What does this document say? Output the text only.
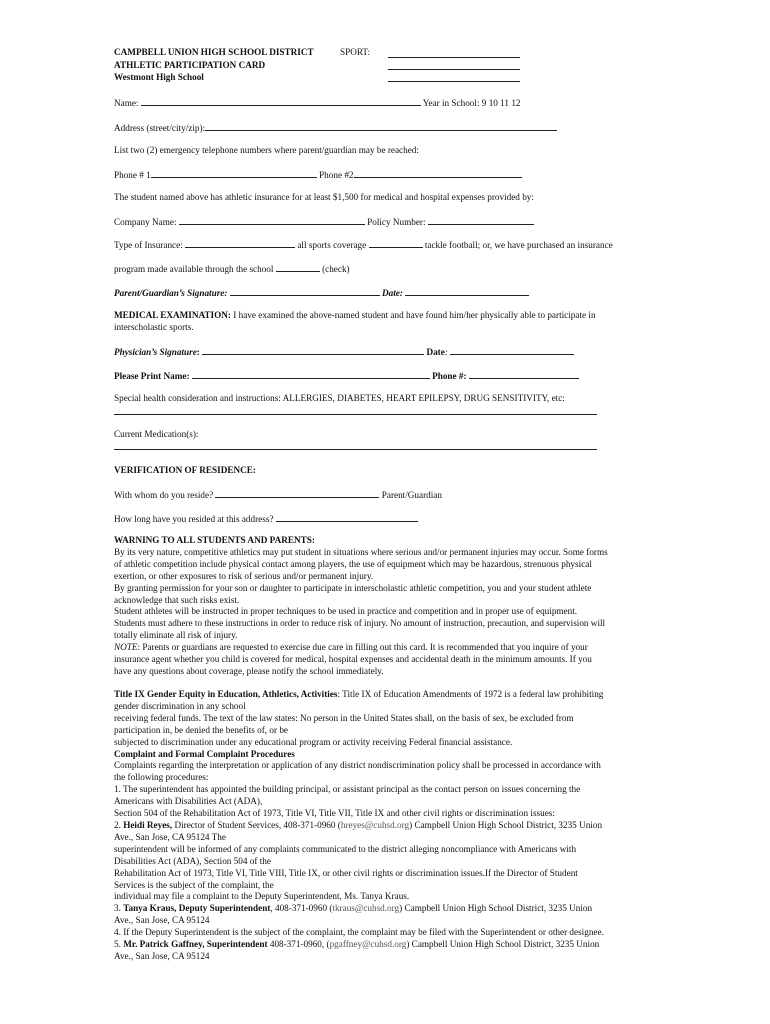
CAMPBELL UNION HIGH SCHOOL DISTRICT	SPORT:
ATHLETIC PARTICIPATION CARD
Westmont High School
Name:	Year in School: 9 10 11 12
Address (street/city/zip):
List two (2) emergency telephone numbers where parent/guardian may be reached:
Phone # 1	Phone #2
The student named above has athletic insurance for at least $1,500 for medical and hospital expenses provided by:
Company Name:	Policy Number:
Type of Insurance:	all sports coverage	tackle football; or, we have purchased an insurance
program made available through the school	(check)
Parent/Guardian’s Signature:	Date:
MEDICAL EXAMINATION: I have examined the above-named student and have found him/her physically able to participate in
interscholastic sports.
Physician’s Signature:	Date:
Please Print Name:	Phone #:
Special health consideration and instructions: ALLERGIES, DIABETES, HEART EPILEPSY, DRUG SENSITIVITY, etc:
Current Medication(s):
VERIFICATION OF RESIDENCE:
With whom do you reside?	Parent/Guardian
How long have you resided at this address?
WARNING TO ALL STUDENTS AND PARENTS:
By its very nature, competitive athletics may put student in situations where serious and/or permanent injuries may occur. Some forms
of athletic competition include physical contact among players, the use of equipment which may be hazardous, strenuous physical
exertion, or other exposures to risk of serious and/or permanent injury.
By granting permission for your son or daughter to participate in interscholastic athletic competition, you and your student athlete
acknowledge that such risks exist.
Student athletes will be instructed in proper techniques to be used in practice and competition and in proper use of equipment.
Students must adhere to these instructions in order to reduce risk of injury. No amount of instruction, precaution, and supervision will
totally eliminate all risk of injury.
NOTE: Parents or guardians are requested to exercise due care in filling out this card. It is recommended that you inquire of your
insurance agent whether you child is covered for medical, hospital expenses and accidental death in the minimum amounts. If you
have any questions about coverage, please notify the school immediately.
Title IX Gender Equity in Education, Athletics, Activities: Title IX of Education Amendments of 1972 is a federal law prohibiting
gender discrimination in any school
receiving federal funds. The text of the law states: No person in the United States shall, on the basis of sex, be excluded from
participation in, be denied the benefits of, or be
subjected to discrimination under any educational program or activity receiving Federal financial assistance.
Complaint and Formal Complaint Procedures
Complaints regarding the interpretation or application of any district nondiscrimination policy shall be processed in accordance with
the following procedures:
1. The superintendent has appointed the building principal, or assistant principal as the contact person on issues concerning the
Americans with Disabilities Act (ADA),
Section 504 of the Rehabilitation Act of 1973, Title VI, Title VII, Title IX and other civil rights or discrimination issues:
2. Heidi Reyes, Director of Student Services, 408-371-0960 (hreyes@cuhsd.org) Campbell Union High School District, 3235 Union
Ave., San Jose, CA 95124 The
superintendent will be informed of any complaints communicated to the district alleging noncompliance with Americans with
Disabilities Act (ADA), Section 504 of the
Rehabilitation Act of 1973, Title VI, Title VIII, Title IX, or other civil rights or discrimination issues.If the Director of Student
Services is the subject of the complaint, the
individual may file a complaint to the Deputy Superintendent, Ms. Tanya Kraus.
3. Tanya Kraus, Deputy Superintendent, 408-371-0960 (tkraus@cuhsd.org) Campbell Union High School District, 3235 Union
Ave., San Jose, CA 95124
4. If the Deputy Superintendent is the subject of the complaint, the complaint may be filed with the Superintendent or other designee.
5. Mr. Patrick Gaffney, Superintendent 408-371-0960, (pgaffney@cuhsd.org) Campbell Union High School District, 3235 Union
Ave., San Jose, CA 95124
